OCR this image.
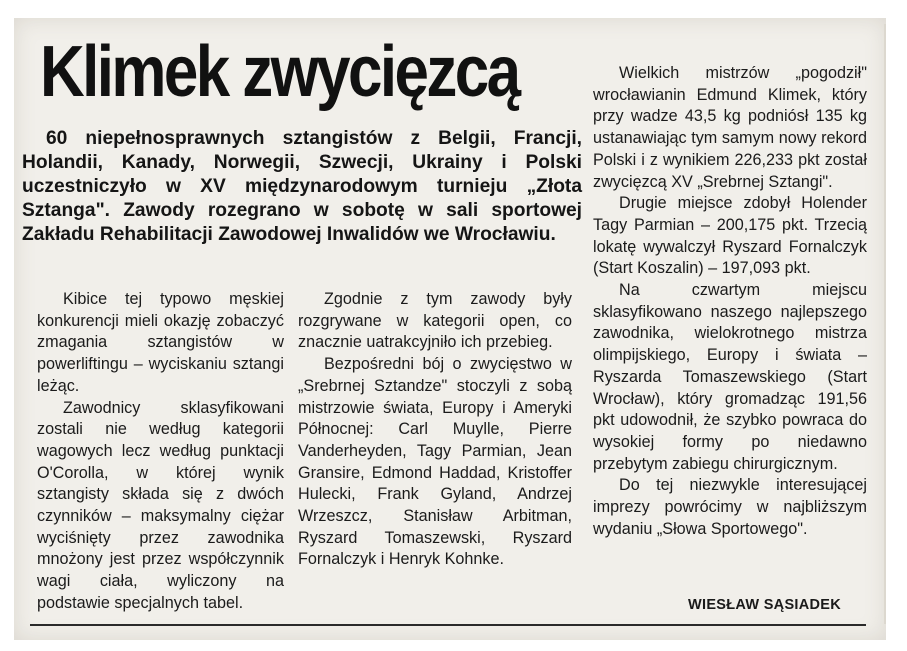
Klimek zwycięzcą
60 niepełnosprawnych sztangistów z Belgii, Francji, Holandii, Kanady, Norwegii, Szwecji, Ukrainy i Polski uczestniczyło w XV międzynarodowym turnieju „Złota Sztanga". Zawody rozegrano w sobotę w sali sportowej Zakładu Rehabilitacji Zawodowej Inwalidów we Wrocławiu.

Kibice tej typowo męskiej konkurencji mieli okazję zobaczyć zmagania sztangistów w powerliftingu – wyciskaniu sztangi leżąc.

Zawodnicy sklasyfikowani zostali nie według kategorii wagowych lecz według punktacji O'Corolla, w której wynik sztangisty składa się z dwóch czynników – maksymalny ciężar wyciśnięty przez zawodnika mnożony jest przez współczynnik wagi ciała, wyliczony na podstawie specjalnych tabel.

Zgodnie z tym zawody były rozgrywane w kategorii open, co znacznie uatrakcyjniło ich przebieg.

Bezpośredni bój o zwycięstwo w „Srebrnej Sztandze" stoczyli z sobą mistrzowie świata, Europy i Ameryki Północnej: Carl Muylle, Pierre Vanderheyden, Tagy Parmian, Jean Gransire, Edmond Haddad, Kristoffer Hulecki, Frank Gyland, Andrzej Wrzeszcz, Stanisław Arbitman, Ryszard Tomaszewski, Ryszard Fornalczyk i Henryk Kohnke.

Wielkich mistrzów „pogodził" wrocławianin Edmund Klimek, który przy wadze 43,5 kg podniósł 135 kg ustanawiając tym samym nowy rekord Polski i z wynikiem 226,233 pkt został zwycięzcą XV „Srebrnej Sztangi".

Drugie miejsce zdobył Holender Tagy Parmian – 200,175 pkt. Trzecią lokatę wywalczył Ryszard Fornalczyk (Start Koszalin) – 197,093 pkt.

Na czwartym miejscu sklasyfikowano naszego najlepszego zawodnika, wielokrotnego mistrza olimpijskiego, Europy i świata – Ryszarda Tomaszewskiego (Start Wrocław), który gromadząc 191,56 pkt udowodnił, że szybko powraca do wysokiej formy po niedawno przebytym zabiegu chirurgicznym.

Do tej niezwykle interesującej imprezy powrócimy w najbliższym wydaniu „Słowa Sportowego".

WIESŁAW SĄSIADEK
